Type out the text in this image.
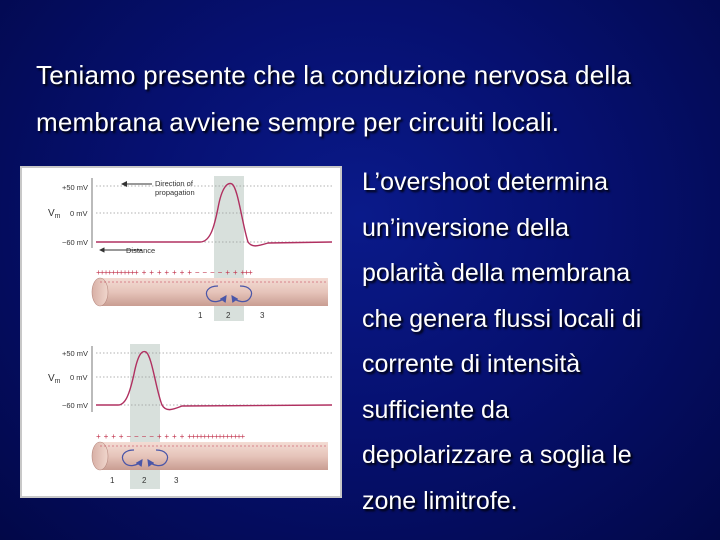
Teniamo presente che la conduzione nervosa della
membrana avviene sempre per circuiti locali.
+50 mV
0 mV
−60 mV
$V_m$
Direction of
propagation
Distance
+++++++++++ + + + + + + + − − − − + + +++
1	2	3
+50 mV
0 mV
−60 mV
$V_m$
+ + + + − − − − + + + + +++++++++++++++
1	2	3
L’overshoot determina
un’inversione della
polarità della membrana
che genera flussi locali di
corrente di intensità
sufficiente da
depolarizzare a soglia le
zone limitrofe.
